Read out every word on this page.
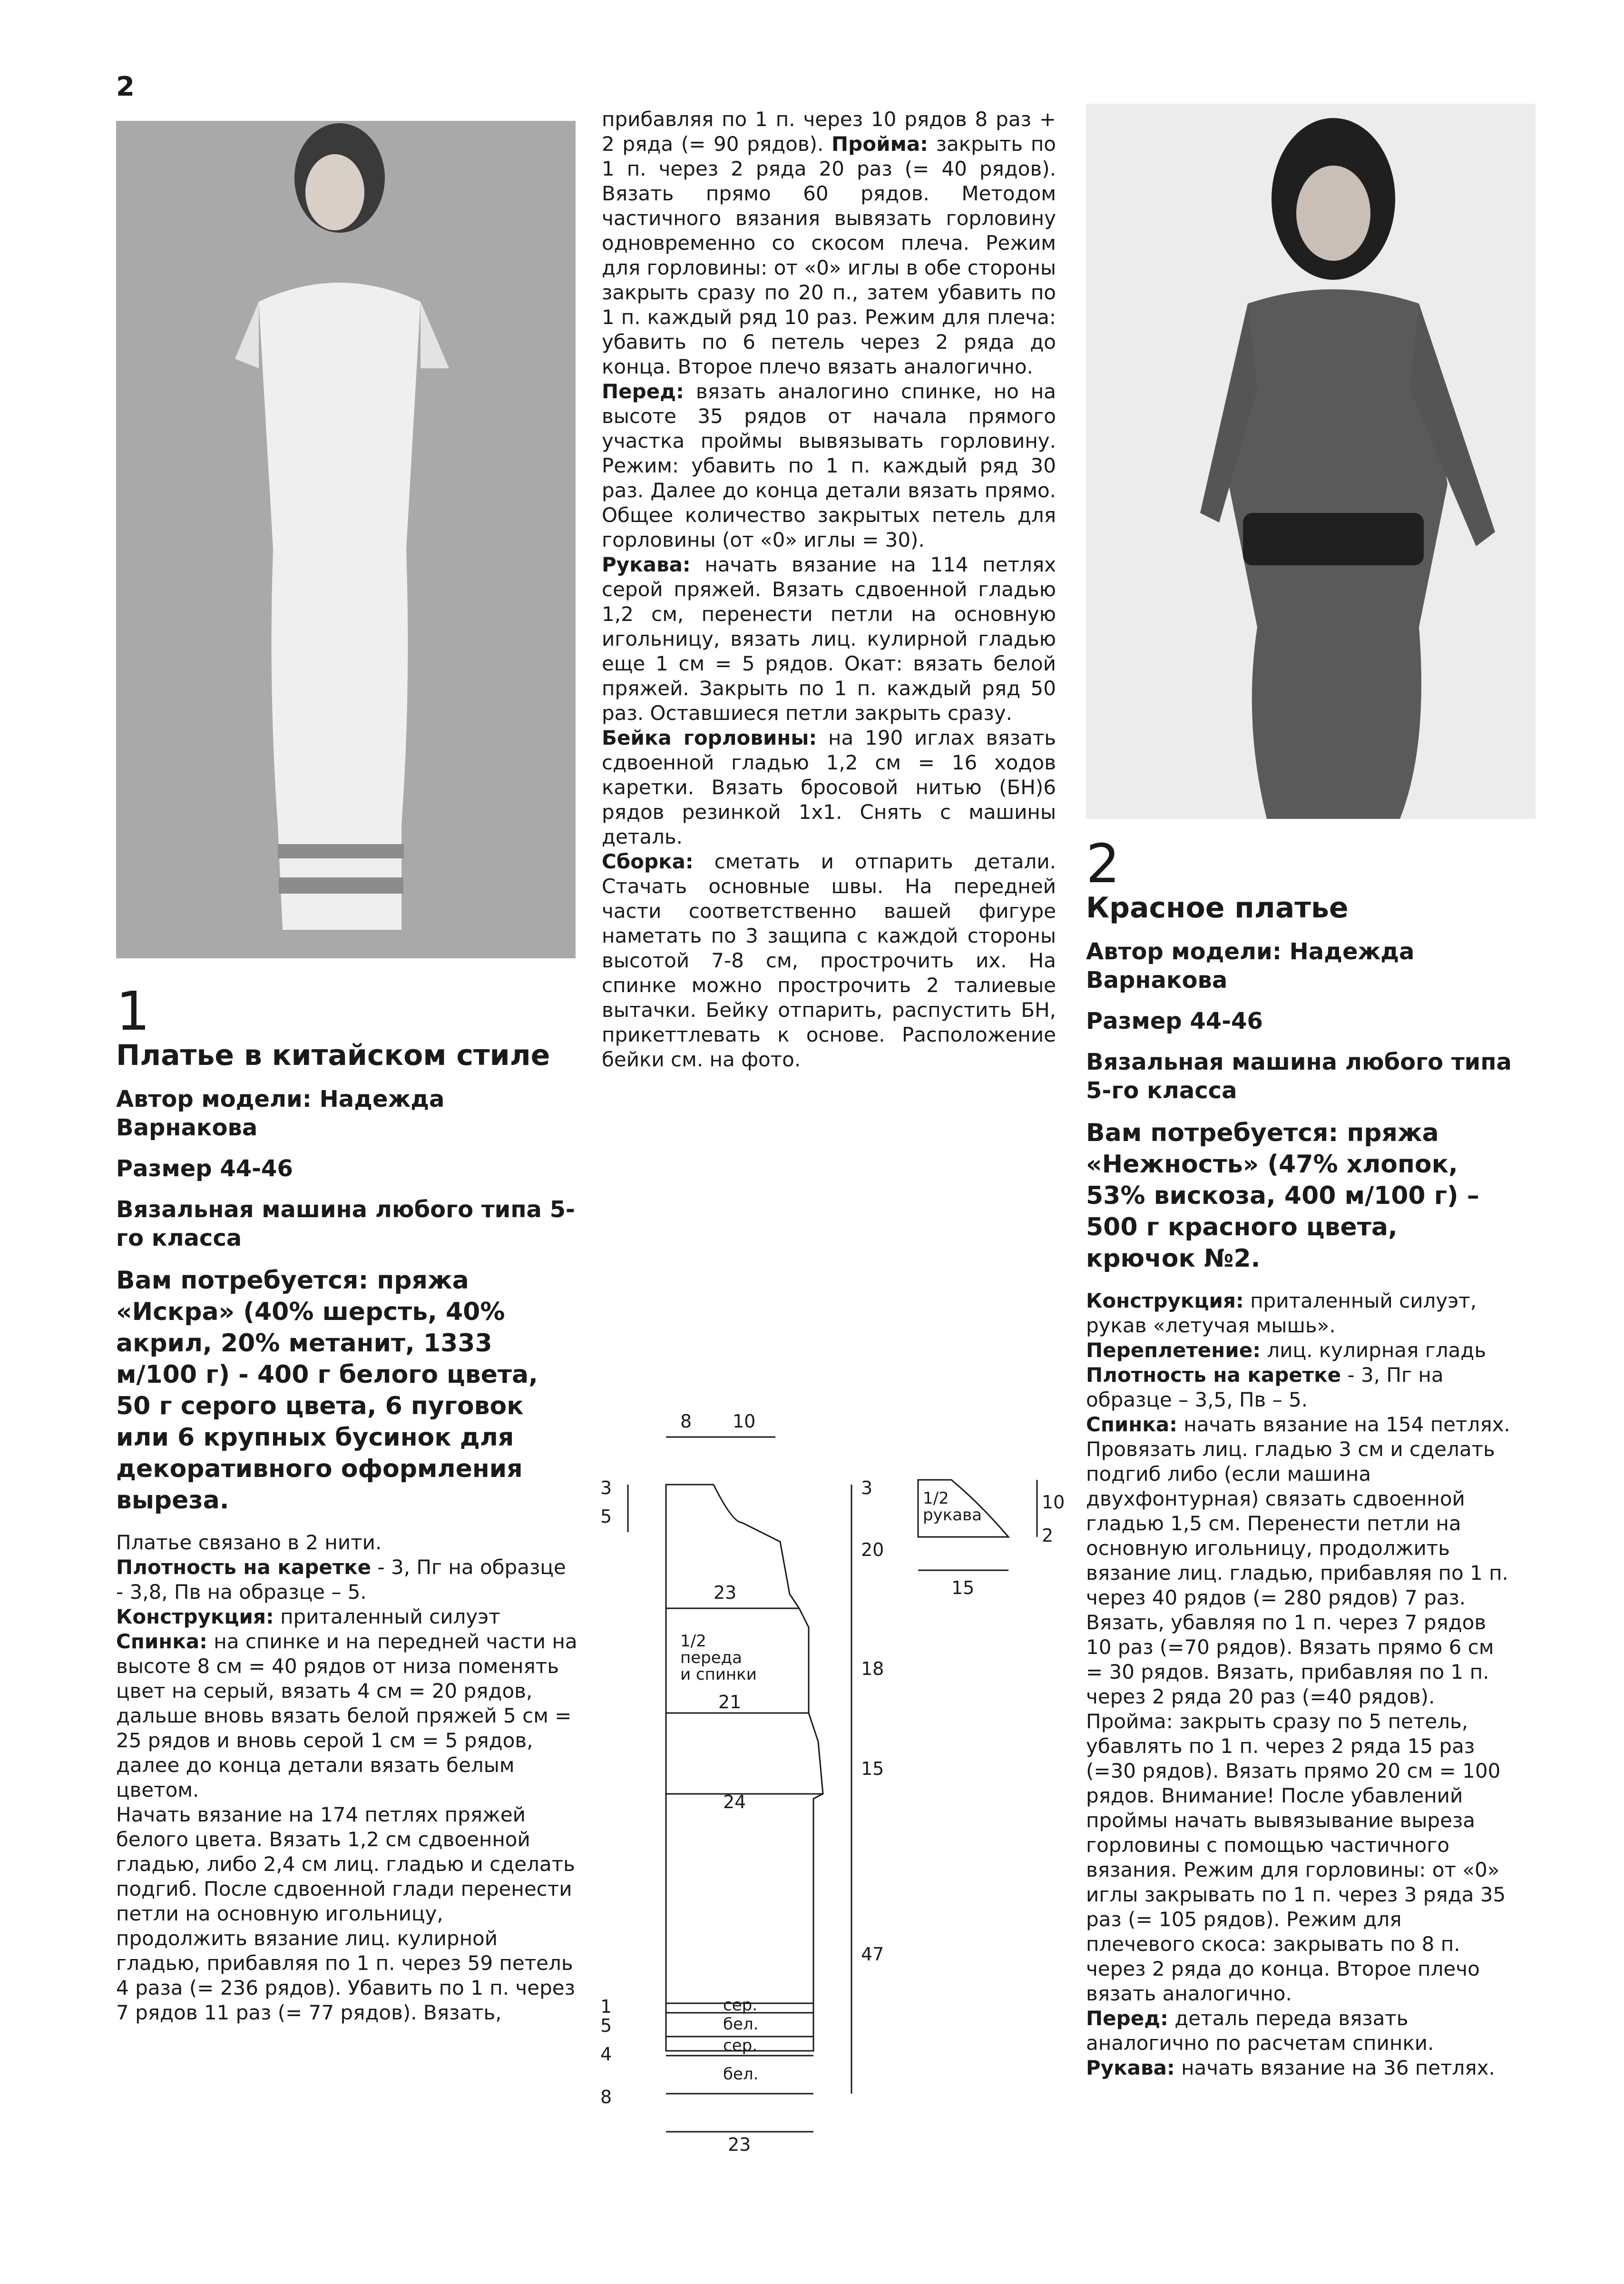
2
1
Платье в китайском стиле
Автор модели: Надежда Варнакова
Размер 44-46
Вязальная машина любого типа 5-го класса
Вам потребуется: пряжа «Искра» (40% шерсть, 40% акрил, 20% метанит, 1333 м/100 г) - 400 г белого цвета, 50 г серого цвета, 6 пуговок или 6 крупных бусинок для декоративного оформления выреза.

Платье связано в 2 нити.

Плотность на каретке - 3, Пг на образце - 3,8, Пв на образце – 5.

Конструкция: приталенный силуэт

Спинка: на спинке и на передней части на высоте 8 см = 40 рядов от низа поменять цвет на серый, вязать 4 см = 20 рядов, дальше вновь вязать белой пряжей 5 см = 25 рядов и вновь серой 1 см = 5 рядов, далее до конца детали вязать белым цветом.

Начать вязание на 174 петлях пряжей белого цвета. Вязать 1,2 см сдвоенной гладью, либо 2,4 см лиц. гладью и сделать подгиб. После сдвоенной глади перенести петли на основную игольницу, продолжить вязание лиц. кулирной гладью, прибавляя по 1 п. через 59 петель 4 раза (= 236 рядов). Убавить по 1 п. через 7 рядов 11 раз (= 77 рядов). Вязать,

прибавляя по 1 п. через 10 рядов 8 раз + 2 ряда (= 90 рядов). Пройма: закрыть по 1 п. через 2 ряда 20 раз (= 40 рядов). Вязать прямо 60 рядов. Методом частичного вязания вывязать горловину одновременно со скосом плеча. Режим для горловины: от «0» иглы в обе стороны закрыть сразу по 20 п., затем убавить по 1 п. каждый ряд 10 раз. Режим для плеча: убавить по 6 петель через 2 ряда до конца. Второе плечо вязать аналогично.

Перед: вязать аналогино спинке, но на высоте 35 рядов от начала прямого участка проймы вывязывать горловину. Режим: убавить по 1 п. каждый ряд 30 раз. Далее до конца детали вязать прямо. Общее количество закрытых петель для горловины (от «0» иглы = 30).

Рукава: начать вязание на 114 петлях серой пряжей. Вязать сдвоенной гладью 1,2 см, перенести петли на основную игольницу, вязать лиц. кулирной гладью еще 1 см = 5 рядов. Окат: вязать белой пряжей. Закрыть по 1 п. каждый ряд 50 раз. Оставшиеся петли закрыть сразу.

Бейка горловины: на 190 иглах вязать сдвоенной гладью 1,2 см = 16 ходов каретки. Вязать бросовой нитью (БН)6 рядов резинкой 1х1. Снять с машины деталь.

Сборка: сметать и отпарить детали. Стачать основные швы. На передней части соответственно вашей фигуре наметать по 3 защипа с каждой стороны высотой 7-8 см, прострочить их. На спинке можно прострочить 2 талиевые вытачки. Бейку отпарить, распустить БН, прикеттлевать к основе. Расположение бейки см. на фото.

8 10
3
5
3
20
18
15
47
23
21
24
23
1/2
переда
и спинки
1
5
4
8
сер.
бел.
сер.
бел.
1/2
рукава
10
2
15
2
Красное платье
Автор модели: Надежда Варнакова
Размер 44-46
Вязальная машина любого типа 5-го класса
Вам потребуется: пряжа «Нежность» (47% хлопок, 53% вискоза, 400 м/100 г) – 500 г красного цвета, крючок №2.

Конструкция: приталенный силуэт, рукав «летучая мышь».

Переплетение: лиц. кулирная гладь

Плотность на каретке - 3, Пг на образце – 3,5, Пв – 5.

Спинка: начать вязание на 154 петлях. Провязать лиц. гладью 3 см и сделать подгиб либо (если машина двухфонтурная) связать сдвоенной гладью 1,5 см. Перенести петли на основную игольницу, продолжить вязание лиц. гладью, прибавляя по 1 п. через 40 рядов (= 280 рядов) 7 раз. Вязать, убавляя по 1 п. через 7 рядов 10 раз (=70 рядов). Вязать прямо 6 см = 30 рядов. Вязать, прибавляя по 1 п. через 2 ряда 20 раз (=40 рядов). Пройма: закрыть сразу по 5 петель, убавлять по 1 п. через 2 ряда 15 раз (=30 рядов). Вязать прямо 20 см = 100 рядов. Внимание! После убавлений проймы начать вывязывание выреза горловины с помощью частичного вязания. Режим для горловины: от «0» иглы закрывать по 1 п. через 3 ряда 35 раз (= 105 рядов). Режим для плечевого скоса: закрывать по 8 п. через 2 ряда до конца. Второе плечо вязать аналогично.

Перед: деталь переда вязать аналогично по расчетам спинки.

Рукава: начать вязание на 36 петлях.
